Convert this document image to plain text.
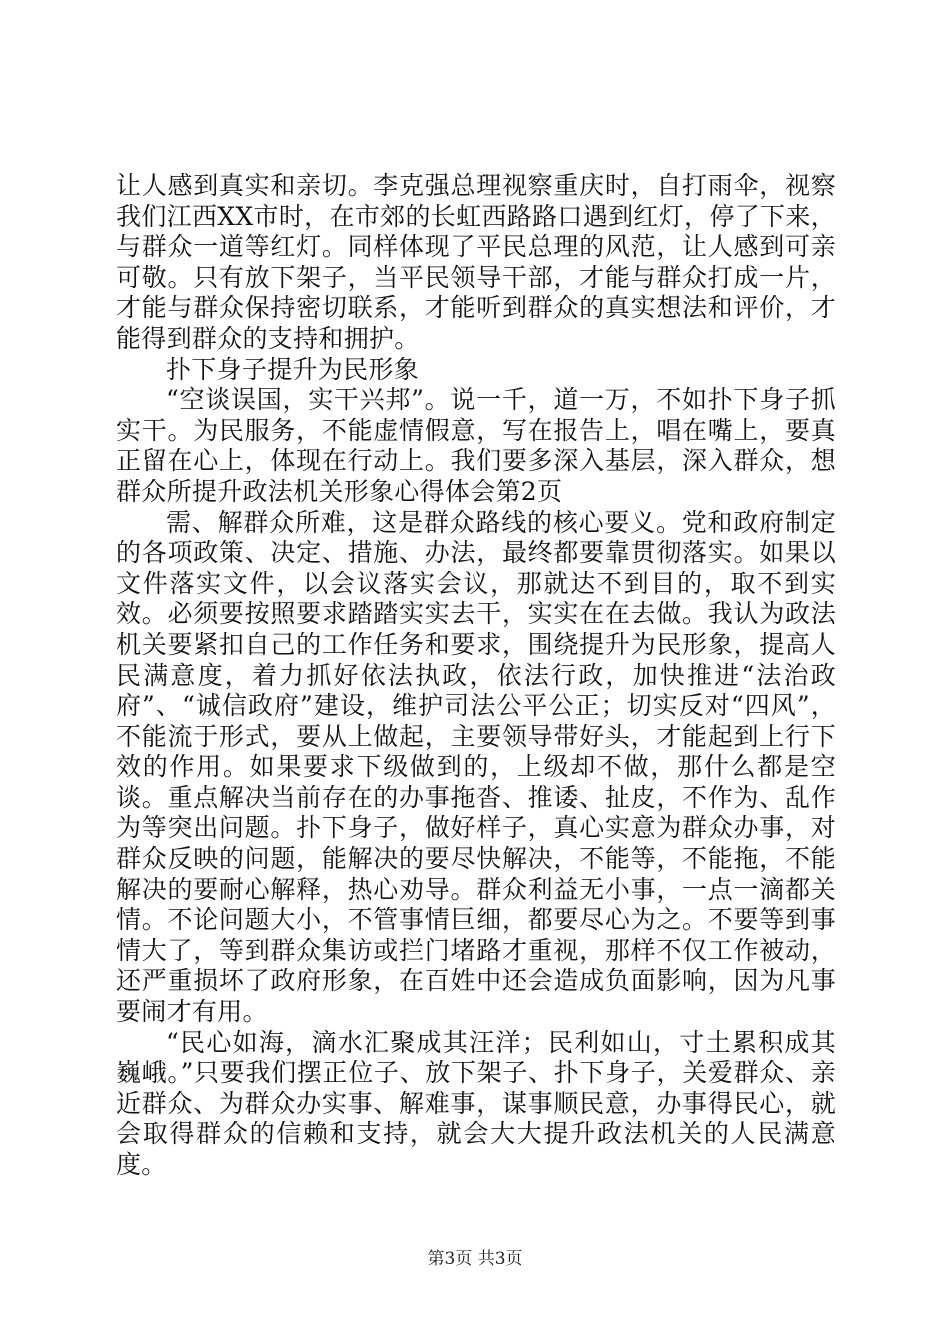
让人感到真实和亲切。李克强总理视察重庆时，自打雨伞，视察我们江西XX市时，在市郊的长虹西路路口遇到红灯，停了下来，与群众一道等红灯。同样体现了平民总理的风范，让人感到可亲可敬。只有放下架子，当平民领导干部，才能与群众打成一片，才能与群众保持密切联系，才能听到群众的真实想法和评价，才能得到群众的支持和拥护。

扑下身子提升为民形象

“空谈误国，实干兴邦”。说一千，道一万，不如扑下身子抓实干。为民服务，不能虚情假意，写在报告上，唱在嘴上，要真正留在心上，体现在行动上。我们要多深入基层，深入群众，想群众所提升政法机关形象心得体会第2页

需、解群众所难，这是群众路线的核心要义。党和政府制定的各项政策、决定、措施、办法，最终都要靠贯彻落实。如果以文件落实文件，以会议落实会议，那就达不到目的，取不到实效。必须要按照要求踏踏实实去干，实实在在去做。我认为政法机关要紧扣自己的工作任务和要求，围绕提升为民形象，提高人民满意度，着力抓好依法执政，依法行政，加快推进“法治政府”、“诚信政府”建设，维护司法公平公正；切实反对“四风”，不能流于形式，要从上做起，主要领导带好头，才能起到上行下效的作用。如果要求下级做到的，上级却不做，那什么都是空谈。重点解决当前存在的办事拖沓、推诿、扯皮，不作为、乱作为等突出问题。扑下身子，做好样子，真心实意为群众办事，对群众反映的问题，能解决的要尽快解决，不能等，不能拖，不能解决的要耐心解释，热心劝导。群众利益无小事，一点一滴都关情。不论问题大小，不管事情巨细，都要尽心为之。不要等到事情大了，等到群众集访或拦门堵路才重视，那样不仅工作被动，还严重损坏了政府形象，在百姓中还会造成负面影响，因为凡事要闹才有用。

“民心如海，滴水汇聚成其汪洋；民利如山，寸土累积成其巍峨。”只要我们摆正位子、放下架子、扑下身子，关爱群众、亲近群众、为群众办实事、解难事，谋事顺民意，办事得民心，就会取得群众的信赖和支持，就会大大提升政法机关的人民满意度。

第3页 共3页
